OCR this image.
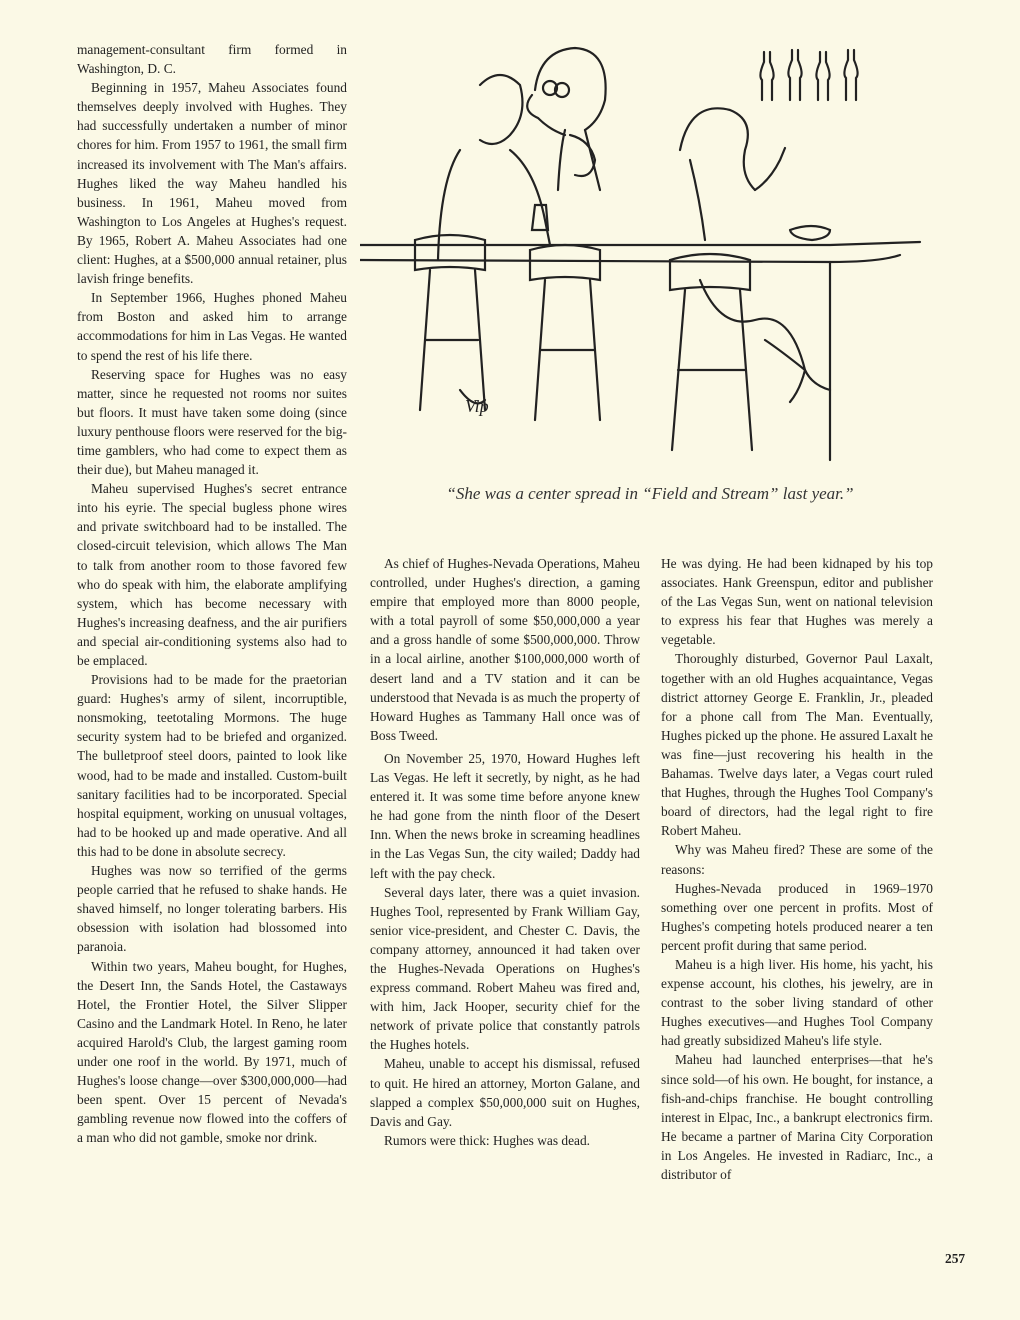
management-consultant firm formed in Washington, D. C.

Beginning in 1957, Maheu Associates found themselves deeply involved with Hughes. They had successfully undertaken a number of minor chores for him. From 1957 to 1961, the small firm increased its involvement with The Man's affairs. Hughes liked the way Maheu handled his business. In 1961, Maheu moved from Washington to Los Angeles at Hughes's request. By 1965, Robert A. Maheu Associates had one client: Hughes, at a $500,000 annual retainer, plus lavish fringe benefits.

In September 1966, Hughes phoned Maheu from Boston and asked him to arrange accommodations for him in Las Vegas. He wanted to spend the rest of his life there.

Reserving space for Hughes was no easy matter, since he requested not rooms nor suites but floors. It must have taken some doing (since luxury penthouse floors were reserved for the big-time gamblers, who had come to expect them as their due), but Maheu managed it.

Maheu supervised Hughes's secret entrance into his eyrie. The special bugless phone wires and private switchboard had to be installed. The closed-circuit television, which allows The Man to talk from another room to those favored few who do speak with him, the elaborate amplifying system, which has become necessary with Hughes's increasing deafness, and the air purifiers and special air-conditioning systems also had to be emplaced.

Provisions had to be made for the praetorian guard: Hughes's army of silent, incorruptible, nonsmoking, teetotaling Mormons. The huge security system had to be briefed and organized. The bulletproof steel doors, painted to look like wood, had to be made and installed. Custom-built sanitary facilities had to be incorporated. Special hospital equipment, working on unusual voltages, had to be hooked up and made operative. And all this had to be done in absolute secrecy.

Hughes was now so terrified of the germs people carried that he refused to shake hands. He shaved himself, no longer tolerating barbers. His obsession with isolation had blossomed into paranoia.

Within two years, Maheu bought, for Hughes, the Desert Inn, the Sands Hotel, the Castaways Hotel, the Frontier Hotel, the Silver Slipper Casino and the Landmark Hotel. In Reno, he later acquired Harold's Club, the largest gaming room under one roof in the world. By 1971, much of Hughes's loose change—over $300,000,000—had been spent. Over 15 percent of Nevada's gambling revenue now flowed into the coffers of a man who did not gamble, smoke nor drink.

Vip
“She was a center spread in “Field and Stream” last year.”

As chief of Hughes-Nevada Operations, Maheu controlled, under Hughes's direction, a gaming empire that employed more than 8000 people, with a total payroll of some $50,000,000 a year and a gross handle of some $500,000,000. Throw in a local airline, another $100,000,000 worth of desert land and a TV station and it can be understood that Nevada is as much the property of Howard Hughes as Tammany Hall once was of Boss Tweed.

On November 25, 1970, Howard Hughes left Las Vegas. He left it secretly, by night, as he had entered it. It was some time before anyone knew he had gone from the ninth floor of the Desert Inn. When the news broke in screaming headlines in the Las Vegas Sun, the city wailed; Daddy had left with the pay check.

Several days later, there was a quiet invasion. Hughes Tool, represented by Frank William Gay, senior vice-president, and Chester C. Davis, the company attorney, announced it had taken over the Hughes-Nevada Operations on Hughes's express command. Robert Maheu was fired and, with him, Jack Hooper, security chief for the network of private police that constantly patrols the Hughes hotels.

Maheu, unable to accept his dismissal, refused to quit. He hired an attorney, Morton Galane, and slapped a complex $50,000,000 suit on Hughes, Davis and Gay.

Rumors were thick: Hughes was dead.

He was dying. He had been kidnaped by his top associates. Hank Greenspun, editor and publisher of the Las Vegas Sun, went on national television to express his fear that Hughes was merely a vegetable.

Thoroughly disturbed, Governor Paul Laxalt, together with an old Hughes acquaintance, Vegas district attorney George E. Franklin, Jr., pleaded for a phone call from The Man. Eventually, Hughes picked up the phone. He assured Laxalt he was fine—just recovering his health in the Bahamas. Twelve days later, a Vegas court ruled that Hughes, through the Hughes Tool Company's board of directors, had the legal right to fire Robert Maheu.

Why was Maheu fired? These are some of the reasons:

Hughes-Nevada produced in 1969–1970 something over one percent in profits. Most of Hughes's competing hotels produced nearer a ten percent profit during that same period.

Maheu is a high liver. His home, his yacht, his expense account, his clothes, his jewelry, are in contrast to the sober living standard of other Hughes executives—and Hughes Tool Company had greatly subsidized Maheu's life style.

Maheu had launched enterprises—that he's since sold—of his own. He bought, for instance, a fish-and-chips franchise. He bought controlling interest in Elpac, Inc., a bankrupt electronics firm. He became a partner of Marina City Corporation in Los Angeles. He invested in Radiarc, Inc., a distributor of

257
